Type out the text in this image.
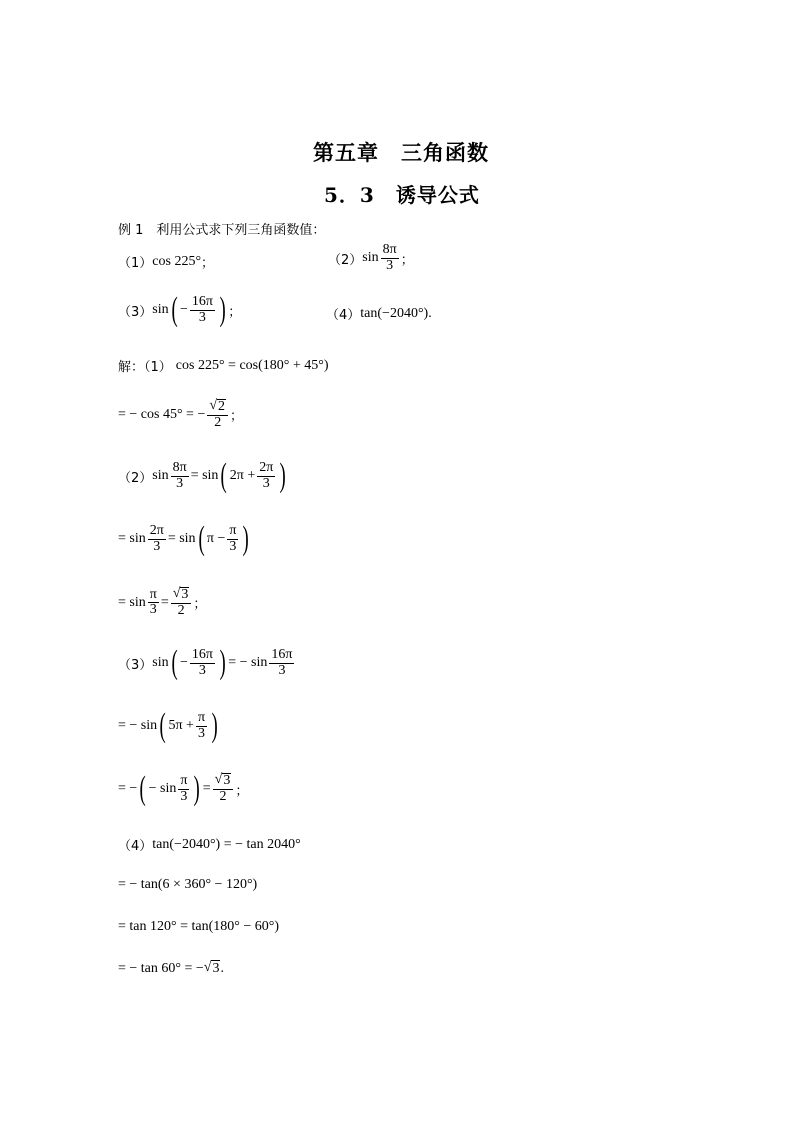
第五章　三角函数
5．3　诱导公式
例 1　利用公式求下列三角函数值：
（1） cos 225° ；	（2） $\sin \frac{8\pi}{3}$ ；
（3） sin ( − $\frac{16\pi}{3}$ ) ；	（4） tan(−2040°) .
解：（1） cos 225° = cos(180° + 45°)
= − cos 45° = − $\frac{√ 2}{2}$ ；
（2） $\sin \frac{8\pi}{3} = \sin$ ( $2\pi + \frac{2\pi}{3}$ )
= $\sin \frac{2\pi}{3} = \sin$ ( $\pi - \frac{\pi}{3}$ )
= $\sin \frac{\pi}{3} = \frac{√ 3}{2}$ ；
（3） sin ( − $\frac{16\pi}{3}$ ) = − $\sin \frac{16\pi}{3}$
= − sin ( $5\pi + \frac{\pi}{3}$ )
= − ( − $\sin \frac{\pi}{3}$ ) = $\frac{√ 3}{2}$ ；
（4） tan(−2040°) = − tan 2040°
= − tan(6 × 360° − 120°)
= tan 120° = tan(180° − 60°)
= − tan 60° = − √ 3 .
